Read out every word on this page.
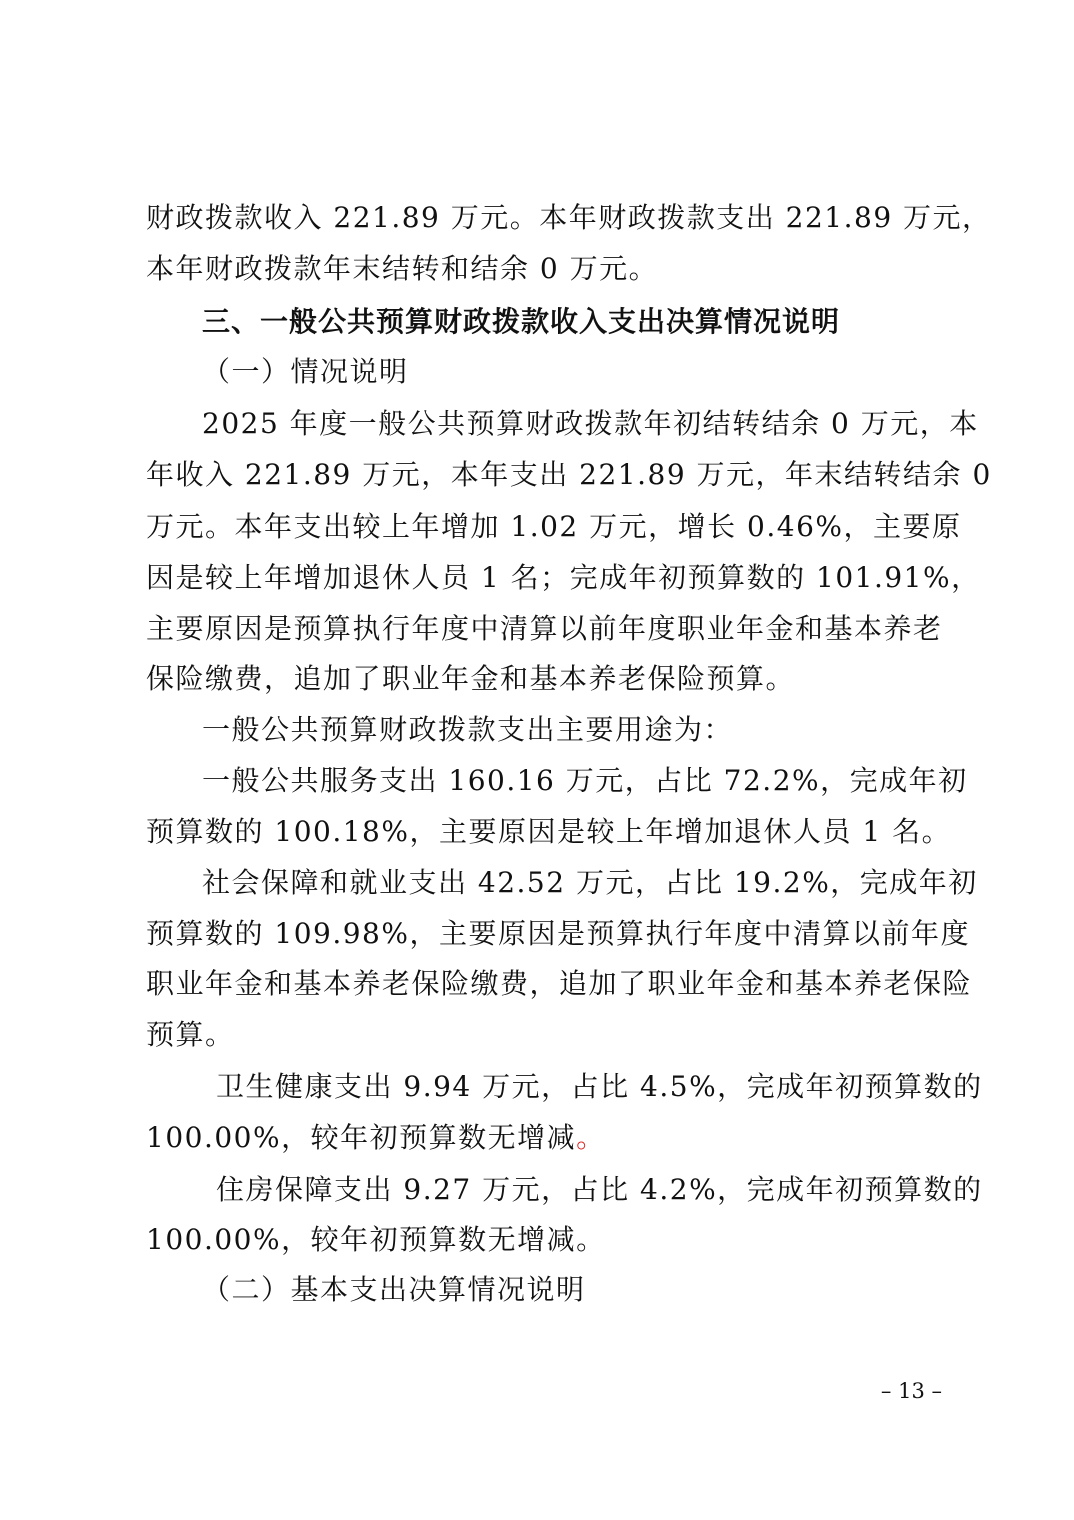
财政拨款收入 221.89 万元。本年财政拨款支出 221.89 万元，
本年财政拨款年末结转和结余 0 万元。
三、一般公共预算财政拨款收入支出决算情况说明
（一）情况说明
2025 年度一般公共预算财政拨款年初结转结余 0 万元，本
年收入 221.89 万元，本年支出 221.89 万元，年末结转结余 0
万元。本年支出较上年增加 1.02 万元，增长 0.46%，主要原
因是较上年增加退休人员 1 名；完成年初预算数的 101.91%，
主要原因是预算执行年度中清算以前年度职业年金和基本养老
保险缴费，追加了职业年金和基本养老保险预算。
一般公共预算财政拨款支出主要用途为：
一般公共服务支出 160.16 万元，占比 72.2%，完成年初
预算数的 100.18%，主要原因是较上年增加退休人员 1 名。
社会保障和就业支出 42.52 万元，占比 19.2%，完成年初
预算数的 109.98%，主要原因是预算执行年度中清算以前年度
职业年金和基本养老保险缴费，追加了职业年金和基本养老保险
预算。
卫生健康支出 9.94 万元，占比 4.5%，完成年初预算数的
100.00%，较年初预算数无增减。
住房保障支出 9.27 万元，占比 4.2%，完成年初预算数的
100.00%，较年初预算数无增减。
（二）基本支出决算情况说明
– 13 –
